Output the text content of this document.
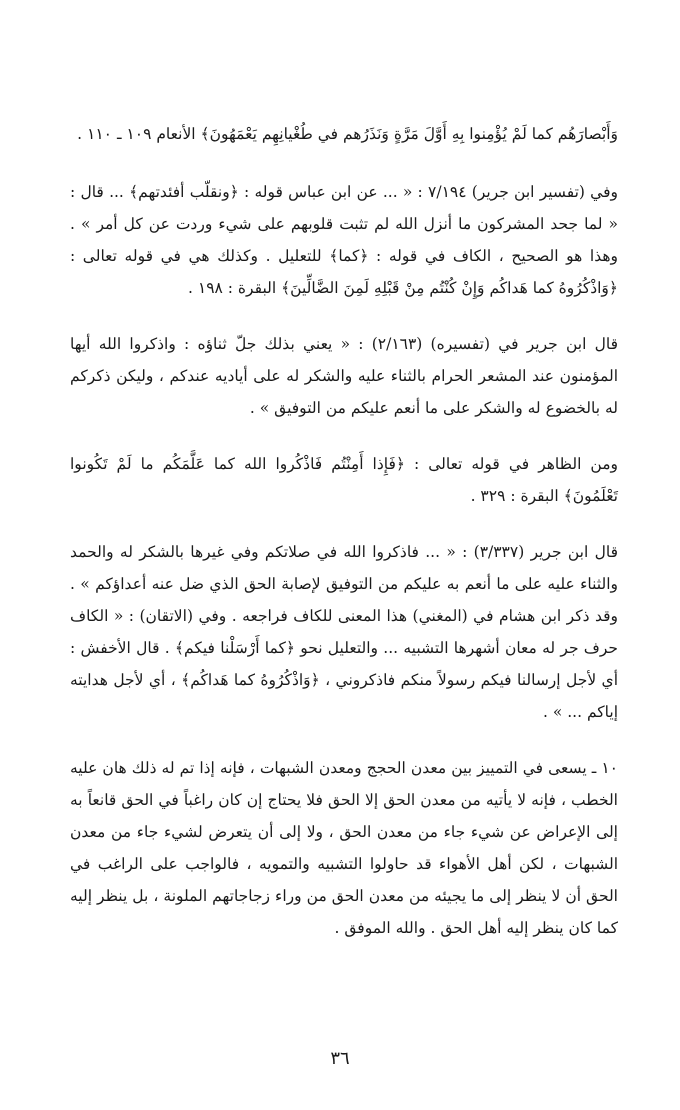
وَأَبْصارَهُم كما لَمْ يُؤْمِنوا بِهِ أَوَّلَ مَرَّةٍ وَنَذَرُهم في طُغْيانِهِم يَعْمَهُونَ﴾ الأنعام ١٠٩ ـ ١١٠ .

وفي (تفسير ابن جرير) ٧/١٩٤ : « ... عن ابن عباس قوله : ﴿ونقلّب أفئدتهم﴾ ... قال : « لما جحد المشركون ما أنزل الله لم تثبت قلوبهم على شيء وردت عن كل أمر » . وهذا هو الصحيح ، الكاف في قوله : ﴿كما﴾ للتعليل . وكذلك هي في قوله تعالى : ﴿وَاذْكُرُوهُ كما هَداكُم وَإِنْ كُنْتُم مِنْ قَبْلِهِ لَمِنَ الضَّالِّينَ﴾ البقرة : ١٩٨ .

قال ابن جرير في (تفسيره) (٢/١٦٣) : « يعني بذلك جلّ ثناؤه : واذكروا الله أيها المؤمنون عند المشعر الحرام بالثناء عليه والشكر له على أياديه عندكم ، وليكن ذكركم له بالخضوع له والشكر على ما أنعم عليكم من التوفيق » .

ومن الظاهر في قوله تعالى : ﴿فَإِذا أَمِنْتُم فَاذْكُروا الله كما عَلَّمَكُم ما لَمْ تَكُونوا تَعْلَمُونَ﴾ البقرة : ٣٢٩ .

قال ابن جرير (٣/٣٣٧) : « ... فاذكروا الله في صلاتكم وفي غيرها بالشكر له والحمد والثناء عليه على ما أنعم به عليكم من التوفيق لإصابة الحق الذي ضل عنه أعداؤكم » . وقد ذكر ابن هشام في (المغني) هذا المعنى للكاف فراجعه . وفي (الاتقان) : « الكاف حرف جر له معان أشهرها التشبيه ... والتعليل نحو ﴿كما أَرْسَلْنا فيكم﴾ . قال الأخفش : أي لأجل إرسالنا فيكم رسولاً منكم فاذكروني ، ﴿وَاذْكُرُوهُ كما هَداكُم﴾ ، أي لأجل هدايته إياكم ... » .

١٠ ـ يسعى في التمييز بين معدن الحجج ومعدن الشبهات ، فإنه إذا تم له ذلك هان عليه الخطب ، فإنه لا يأتيه من معدن الحق إلا الحق فلا يحتاج إن كان راغباً في الحق قانعاً به إلى الإعراض عن شيء جاء من معدن الحق ، ولا إلى أن يتعرض لشيء جاء من معدن الشبهات ، لكن أهل الأهواء قد حاولوا التشبيه والتمويه ، فالواجب على الراغب في الحق أن لا ينظر إلى ما يجيئه من معدن الحق من وراء زجاجاتهم الملونة ، بل ينظر إليه كما كان ينظر إليه أهل الحق . والله الموفق .

٣٦
